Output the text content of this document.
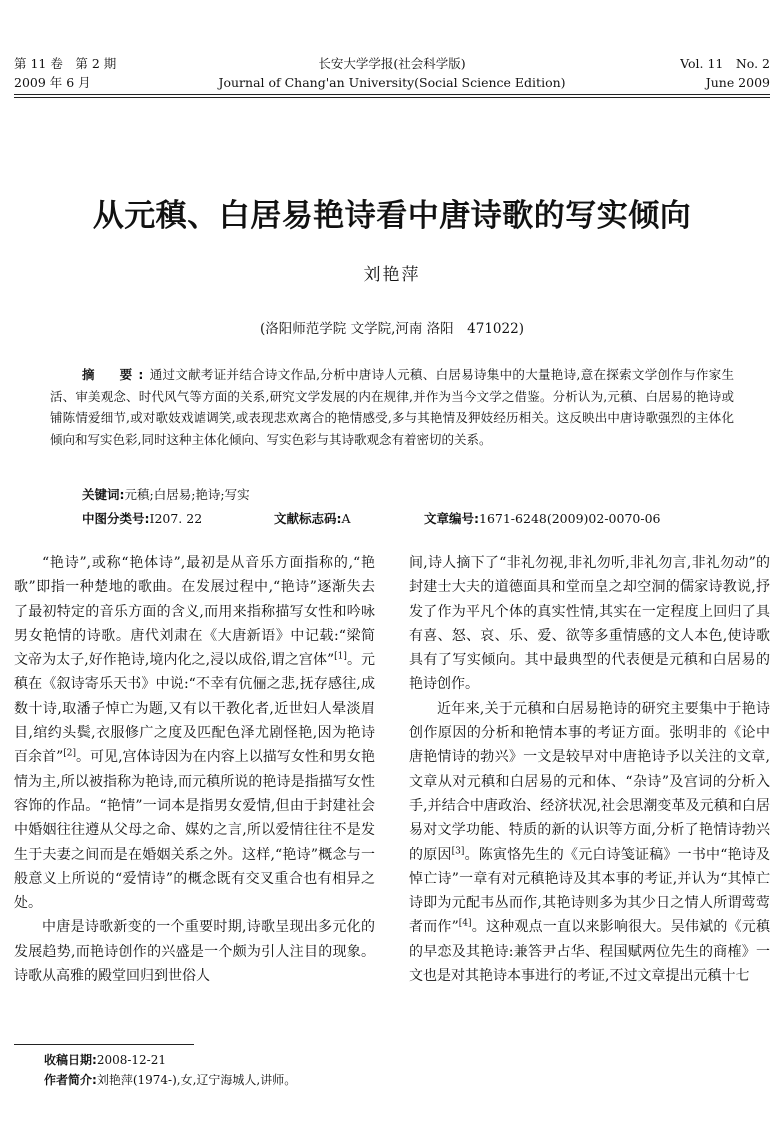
第 11 卷　第 2 期
2009 年 6 月
长安大学学报(社会科学版)
Journal of Chang'an University(Social Science Edition)
Vol. 11　No. 2
June 2009
从元稹、白居易艳诗看中唐诗歌的写实倾向
刘艳萍
(洛阳师范学院 文学院,河南 洛阳　471022)
摘　要:通过文献考证并结合诗文作品,分析中唐诗人元稹、白居易诗集中的大量艳诗,意在探索文学创作与作家生活、审美观念、时代风气等方面的关系,研究文学发展的内在规律,并作为当今文学之借鉴。分析认为,元稹、白居易的艳诗或铺陈情爱细节,或对歌妓戏谑调笑,或表现悲欢离合的艳情感受,多与其艳情及狎妓经历相关。这反映出中唐诗歌强烈的主体化倾向和写实色彩,同时这种主体化倾向、写实色彩与其诗歌观念有着密切的关系。
关键词:元稹;白居易;艳诗;写实
中图分类号:I207. 22	文献标志码:A	文章编号:1671-6248(2009)02-0070-06

“艳诗”,或称“艳体诗”,最初是从音乐方面指称的,“艳歌”即指一种楚地的歌曲。在发展过程中,“艳诗”逐渐失去了最初特定的音乐方面的含义,而用来指称描写女性和吟咏男女艳情的诗歌。唐代刘肃在《大唐新语》中记载:“梁简文帝为太子,好作艳诗,境内化之,浸以成俗,谓之宫体”[1]。元稹在《叙诗寄乐天书》中说:“不幸有伉俪之悲,抚存感往,成数十诗,取潘子悼亡为题,又有以干教化者,近世妇人晕淡眉目,绾约头鬓,衣服修广之度及匹配色泽尤剧怪艳,因为艳诗百余首”[2]。可见,宫体诗因为在内容上以描写女性和男女艳情为主,所以被指称为艳诗,而元稹所说的艳诗是指描写女性容饰的作品。“艳情”一词本是指男女爱情,但由于封建社会中婚姻往往遵从父母之命、媒妁之言,所以爱情往往不是发生于夫妻之间而是在婚姻关系之外。这样,“艳诗”概念与一般意义上所说的“爱情诗”的概念既有交叉重合也有相异之处。

中唐是诗歌新变的一个重要时期,诗歌呈现出多元化的发展趋势,而艳诗创作的兴盛是一个颇为引人注目的现象。诗歌从高雅的殿堂回归到世俗人

间,诗人摘下了“非礼勿视,非礼勿听,非礼勿言,非礼勿动”的封建士大夫的道德面具和堂而皇之却空洞的儒家诗教说,抒发了作为平凡个体的真实性情,其实在一定程度上回归了具有喜、怒、哀、乐、爱、欲等多重情感的文人本色,使诗歌具有了写实倾向。其中最典型的代表便是元稹和白居易的艳诗创作。

近年来,关于元稹和白居易艳诗的研究主要集中于艳诗创作原因的分析和艳情本事的考证方面。张明非的《论中唐艳情诗的勃兴》一文是较早对中唐艳诗予以关注的文章,文章从对元稹和白居易的元和体、“杂诗”及宫词的分析入手,并结合中唐政治、经济状况,社会思潮变革及元稹和白居易对文学功能、特质的新的认识等方面,分析了艳情诗勃兴的原因[3]。陈寅恪先生的《元白诗笺证稿》一书中“艳诗及悼亡诗”一章有对元稹艳诗及其本事的考证,并认为“其悼亡诗即为元配韦丛而作,其艳诗则多为其少日之情人所谓莺莺者而作”[4]。这种观点一直以来影响很大。吴伟斌的《元稹的早恋及其艳诗:兼答尹占华、程国赋两位先生的商榷》一文也是对其艳诗本事进行的考证,不过文章提出元稹十七

收稿日期:2008-12-21
作者简介:刘艳萍(1974-),女,辽宁海城人,讲师。
